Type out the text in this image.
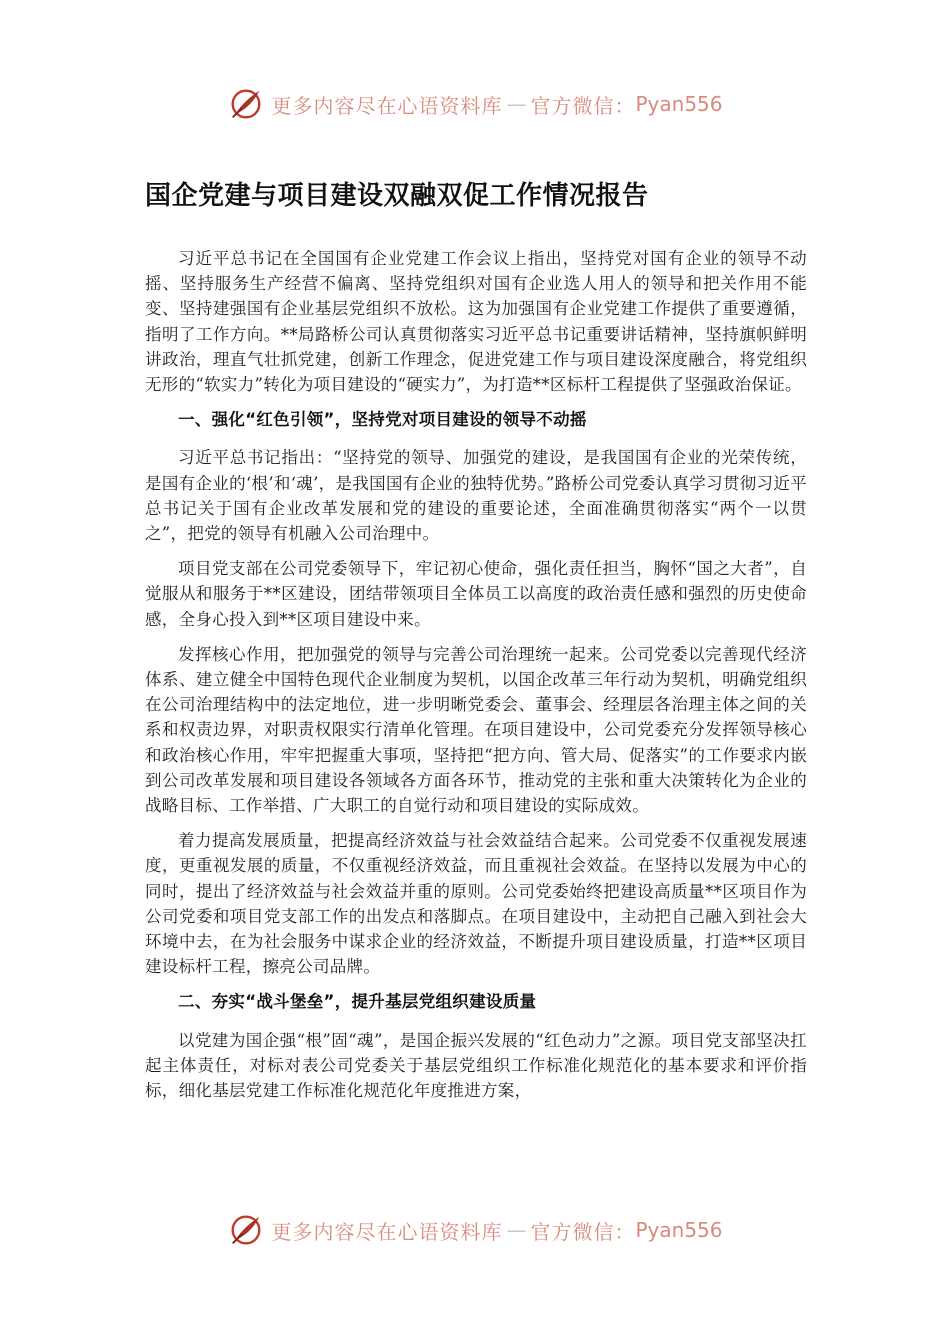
更多内容尽在心语资料库 — 官方微信： Pyan556
国企党建与项目建设双融双促工作情况报告

习近平总书记在全国国有企业党建工作会议上指出，坚持党对国有企业的领导不动摇、坚持服务生产经营不偏离、坚持党组织对国有企业选人用人的领导和把关作用不能变、坚持建强国有企业基层党组织不放松。这为加强国有企业党建工作提供了重要遵循，指明了工作方向。**局路桥公司认真贯彻落实习近平总书记重要讲话精神，坚持旗帜鲜明讲政治，理直气壮抓党建，创新工作理念，促进党建工作与项目建设深度融合，将党组织无形的“软实力”转化为项目建设的“硬实力”，为打造**区标杆工程提供了坚强政治保证。

一、强化“红色引领”，坚持党对项目建设的领导不动摇

习近平总书记指出：“坚持党的领导、加强党的建设，是我国国有企业的光荣传统，是国有企业的‘根’和‘魂’，是我国国有企业的独特优势。”路桥公司党委认真学习贯彻习近平总书记关于国有企业改革发展和党的建设的重要论述，全面准确贯彻落实“两个一以贯之”，把党的领导有机融入公司治理中。

项目党支部在公司党委领导下，牢记初心使命，强化责任担当，胸怀“国之大者”，自觉服从和服务于**区建设，团结带领项目全体员工以高度的政治责任感和强烈的历史使命感，全身心投入到**区项目建设中来。

发挥核心作用，把加强党的领导与完善公司治理统一起来。公司党委以完善现代经济体系、建立健全中国特色现代企业制度为契机，以国企改革三年行动为契机，明确党组织在公司治理结构中的法定地位，进一步明晰党委会、董事会、经理层各治理主体之间的关系和权责边界，对职责权限实行清单化管理。在项目建设中，公司党委充分发挥领导核心和政治核心作用，牢牢把握重大事项，坚持把“把方向、管大局、促落实”的工作要求内嵌到公司改革发展和项目建设各领域各方面各环节，推动党的主张和重大决策转化为企业的战略目标、工作举措、广大职工的自觉行动和项目建设的实际成效。

着力提高发展质量，把提高经济效益与社会效益结合起来。公司党委不仅重视发展速度，更重视发展的质量，不仅重视经济效益，而且重视社会效益。在坚持以发展为中心的同时，提出了经济效益与社会效益并重的原则。公司党委始终把建设高质量**区项目作为公司党委和项目党支部工作的出发点和落脚点。在项目建设中，主动把自己融入到社会大环境中去，在为社会服务中谋求企业的经济效益，不断提升项目建设质量，打造**区项目建设标杆工程，擦亮公司品牌。

二、夯实“战斗堡垒”，提升基层党组织建设质量

以党建为国企强“根”固“魂”，是国企振兴发展的“红色动力”之源。项目党支部坚决扛起主体责任，对标对表公司党委关于基层党组织工作标准化规范化的基本要求和评价指标，细化基层党建工作标准化规范化年度推进方案，

更多内容尽在心语资料库 — 官方微信： Pyan556
